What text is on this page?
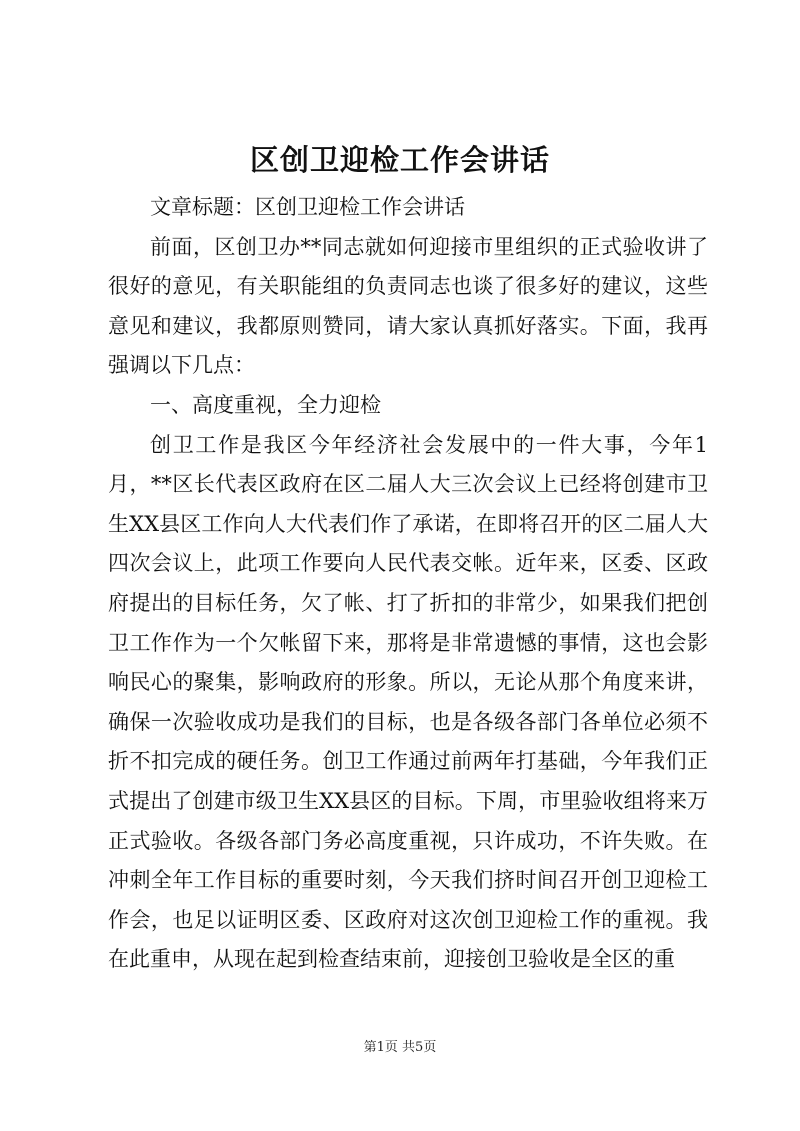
区创卫迎检工作会讲话

文章标题：区创卫迎检工作会讲话

前面，区创卫办**同志就如何迎接市里组织的正式验收讲了很好的意见，有关职能组的负责同志也谈了很多好的建议，这些意见和建议，我都原则赞同，请大家认真抓好落实。下面，我再强调以下几点：

一、高度重视，全力迎检

创卫工作是我区今年经济社会发展中的一件大事，今年1月，**区长代表区政府在区二届人大三次会议上已经将创建市卫生XX县区工作向人大代表们作了承诺，在即将召开的区二届人大四次会议上，此项工作要向人民代表交帐。近年来，区委、区政府提出的目标任务，欠了帐、打了折扣的非常少，如果我们把创卫工作作为一个欠帐留下来，那将是非常遗憾的事情，这也会影响民心的聚集，影响政府的形象。所以，无论从那个角度来讲，确保一次验收成功是我们的目标，也是各级各部门各单位必须不折不扣完成的硬任务。创卫工作通过前两年打基础，今年我们正式提出了创建市级卫生XX县区的目标。下周，市里验收组将来万正式验收。各级各部门务必高度重视，只许成功，不许失败。在冲刺全年工作目标的重要时刻，今天我们挤时间召开创卫迎检工作会，也足以证明区委、区政府对这次创卫迎检工作的重视。我在此重申，从现在起到检查结束前，迎接创卫验收是全区的重

第1页 共5页
